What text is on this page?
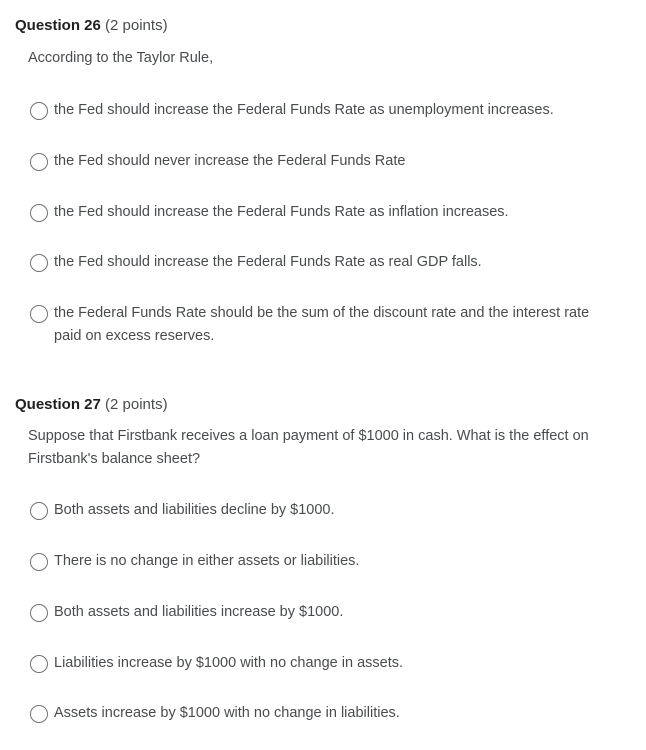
Question 26 (2 points)
According to the Taylor Rule,
the Fed should increase the Federal Funds Rate as unemployment increases.
the Fed should never increase the Federal Funds Rate
the Fed should increase the Federal Funds Rate as inflation increases.
the Fed should increase the Federal Funds Rate as real GDP falls.
the Federal Funds Rate should be the sum of the discount rate and the interest rate paid on excess reserves.
Question 27 (2 points)
Suppose that Firstbank receives a loan payment of $1000 in cash. What is the effect on Firstbank's balance sheet?
Both assets and liabilities decline by $1000.
There is no change in either assets or liabilities.
Both assets and liabilities increase by $1000.
Liabilities increase by $1000 with no change in assets.
Assets increase by $1000 with no change in liabilities.
